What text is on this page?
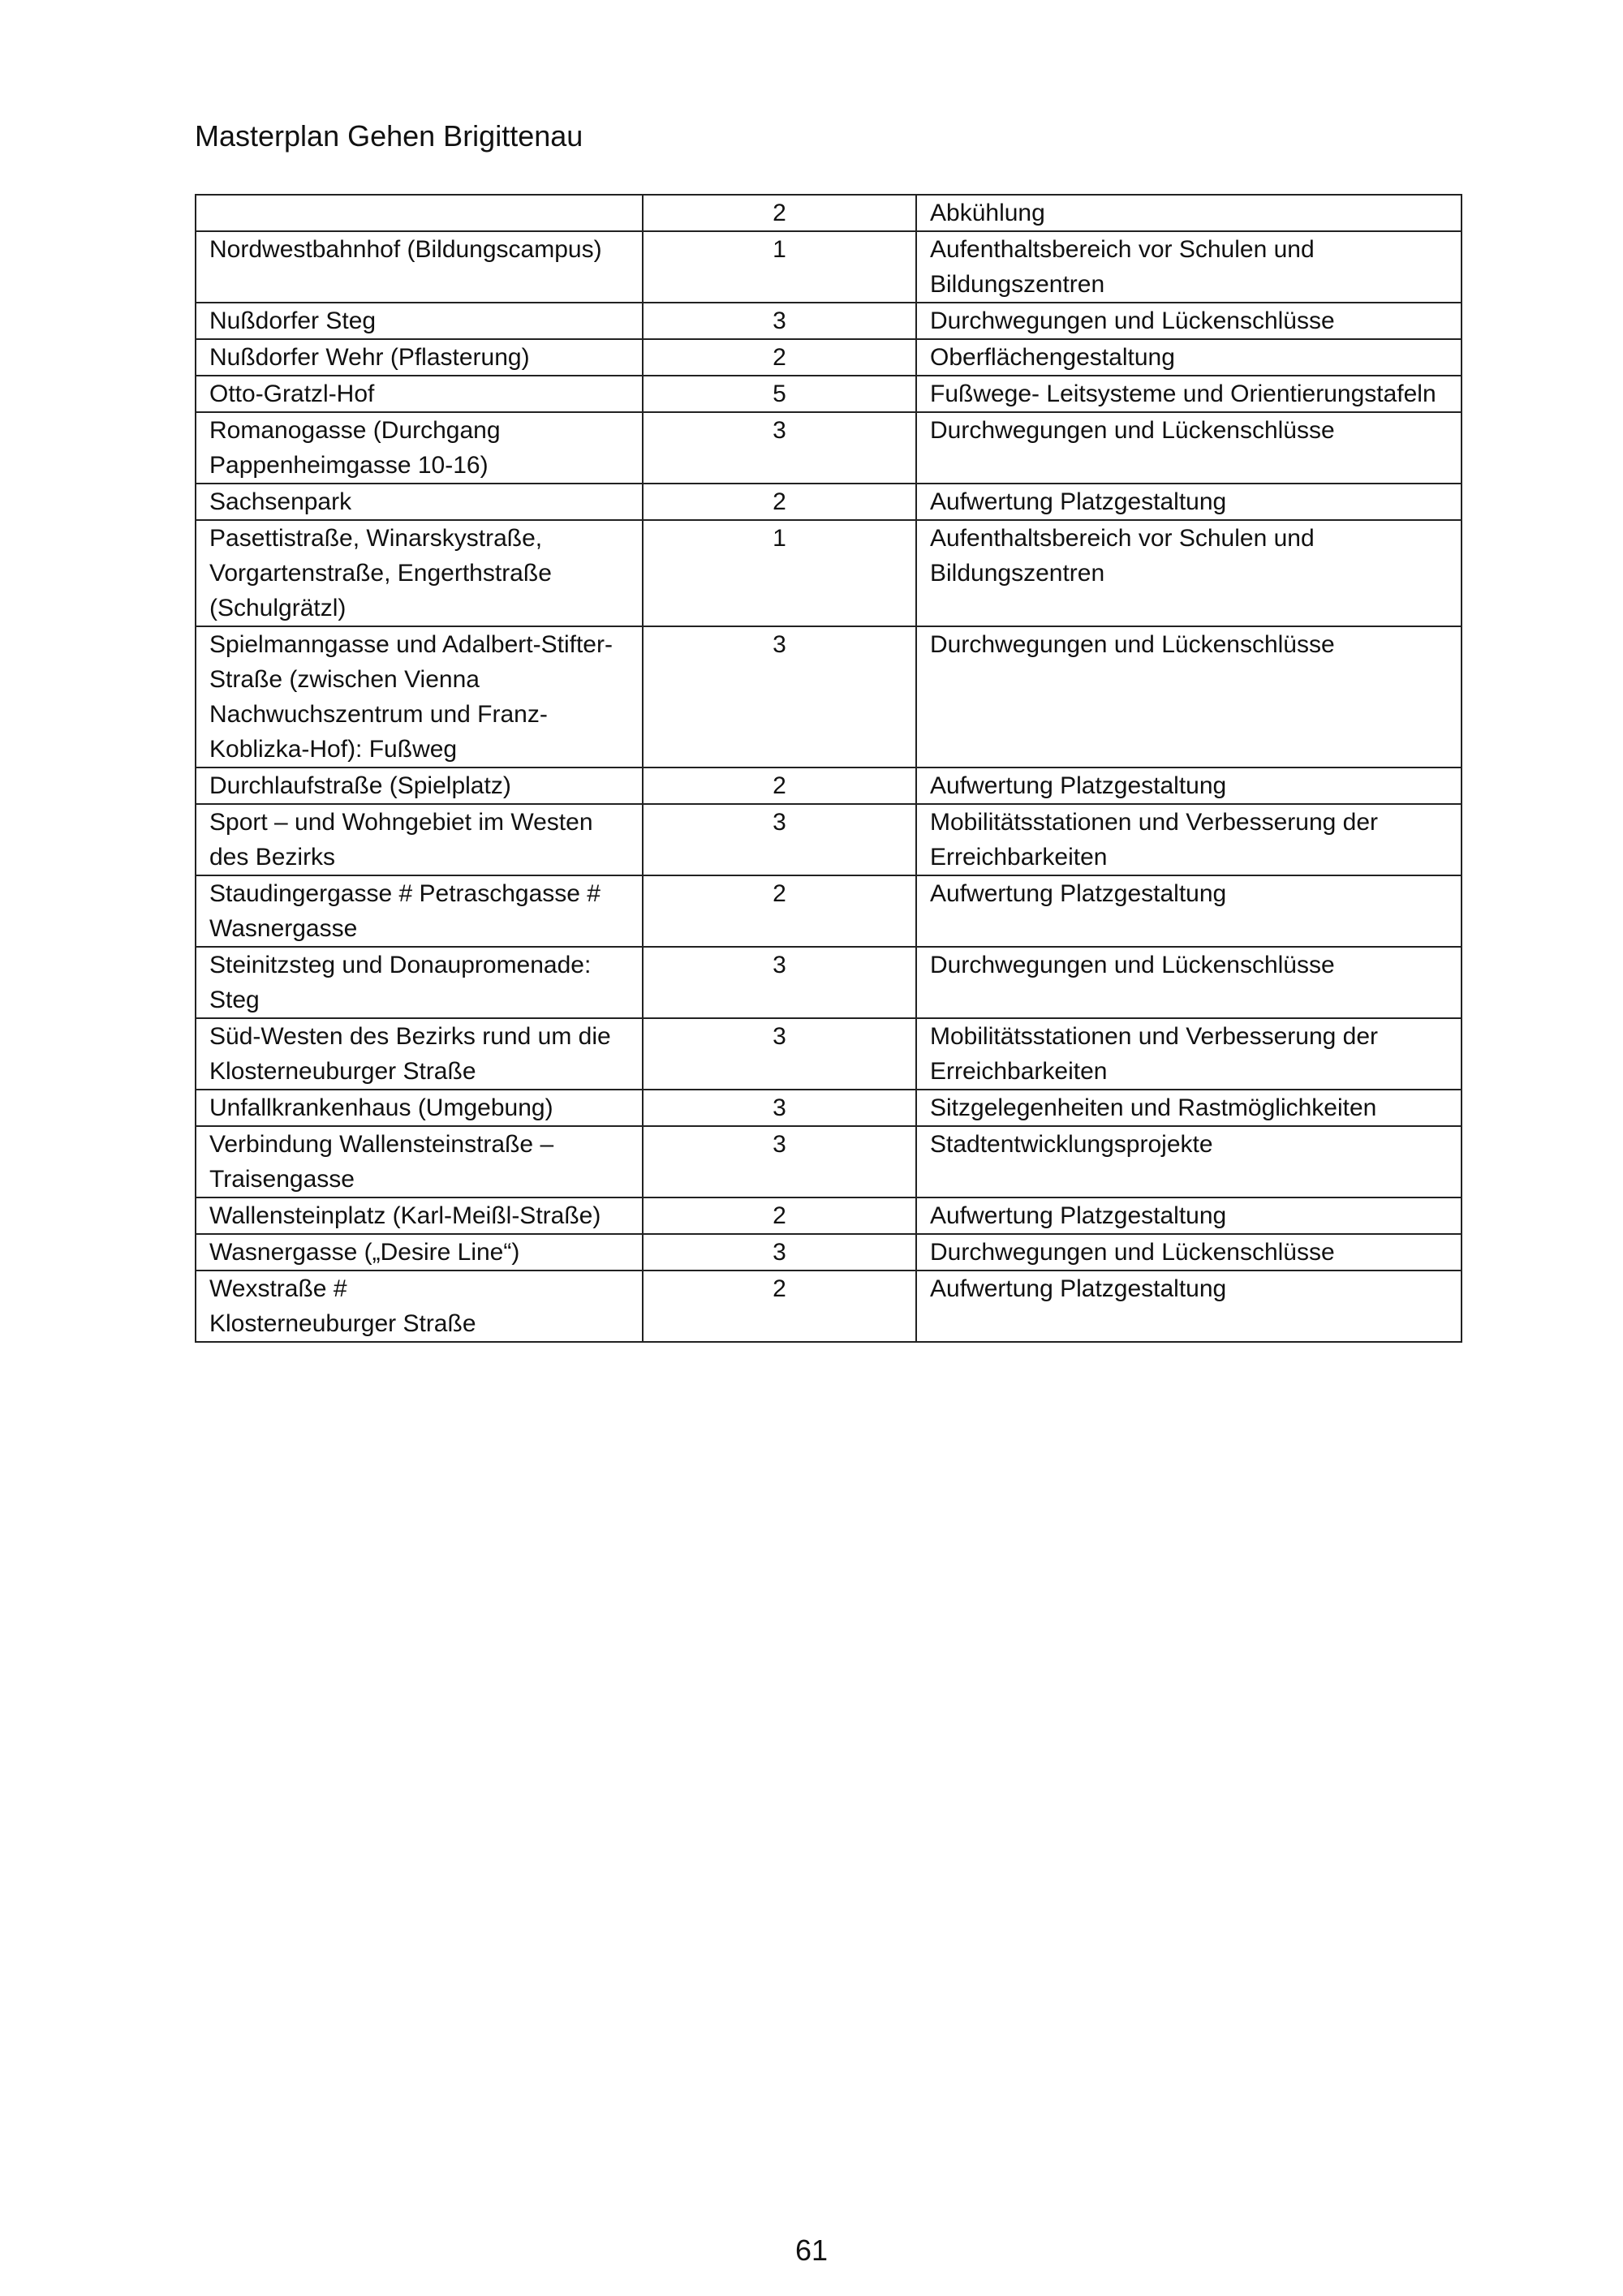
Masterplan Gehen Brigittenau
	2	Abkühlung
Nordwestbahnhof (Bildungscampus)	1	Aufenthaltsbereich vor Schulen und Bildungszentren
Nußdorfer Steg	3	Durchwegungen und Lückenschlüsse
Nußdorfer Wehr (Pflasterung)	2	Oberflächengestaltung
Otto-Gratzl-Hof	5	Fußwege- Leitsysteme und Orientierungstafeln
Romanogasse (Durchgang Pappenheimgasse 10-16)	3	Durchwegungen und Lückenschlüsse
Sachsenpark	2	Aufwertung Platzgestaltung
Pasettistraße, Winarskystraße, Vorgartenstraße, Engerthstraße (Schulgrätzl)	1	Aufenthaltsbereich vor Schulen und Bildungszentren
Spielmanngasse und Adalbert-Stifter-Straße (zwischen Vienna Nachwuchszentrum und Franz-Koblizka-Hof): Fußweg	3	Durchwegungen und Lückenschlüsse
Durchlaufstraße (Spielplatz)	2	Aufwertung Platzgestaltung
Sport – und Wohngebiet im Westen des Bezirks	3	Mobilitätsstationen und Verbesserung der Erreichbarkeiten
Staudingergasse # Petraschgasse # Wasnergasse	2	Aufwertung Platzgestaltung
Steinitzsteg und Donaupromenade: Steg	3	Durchwegungen und Lückenschlüsse
Süd-Westen des Bezirks rund um die Klosterneuburger Straße	3	Mobilitätsstationen und Verbesserung der Erreichbarkeiten
Unfallkrankenhaus (Umgebung)	3	Sitzgelegenheiten und Rastmöglichkeiten
Verbindung Wallensteinstraße – Traisengasse	3	Stadtentwicklungsprojekte
Wallensteinplatz (Karl-Meißl-Straße)	2	Aufwertung Platzgestaltung
Wasnergasse („Desire Line“)	3	Durchwegungen und Lückenschlüsse
Wexstraße #
Klosterneuburger Straße	2	Aufwertung Platzgestaltung
61
